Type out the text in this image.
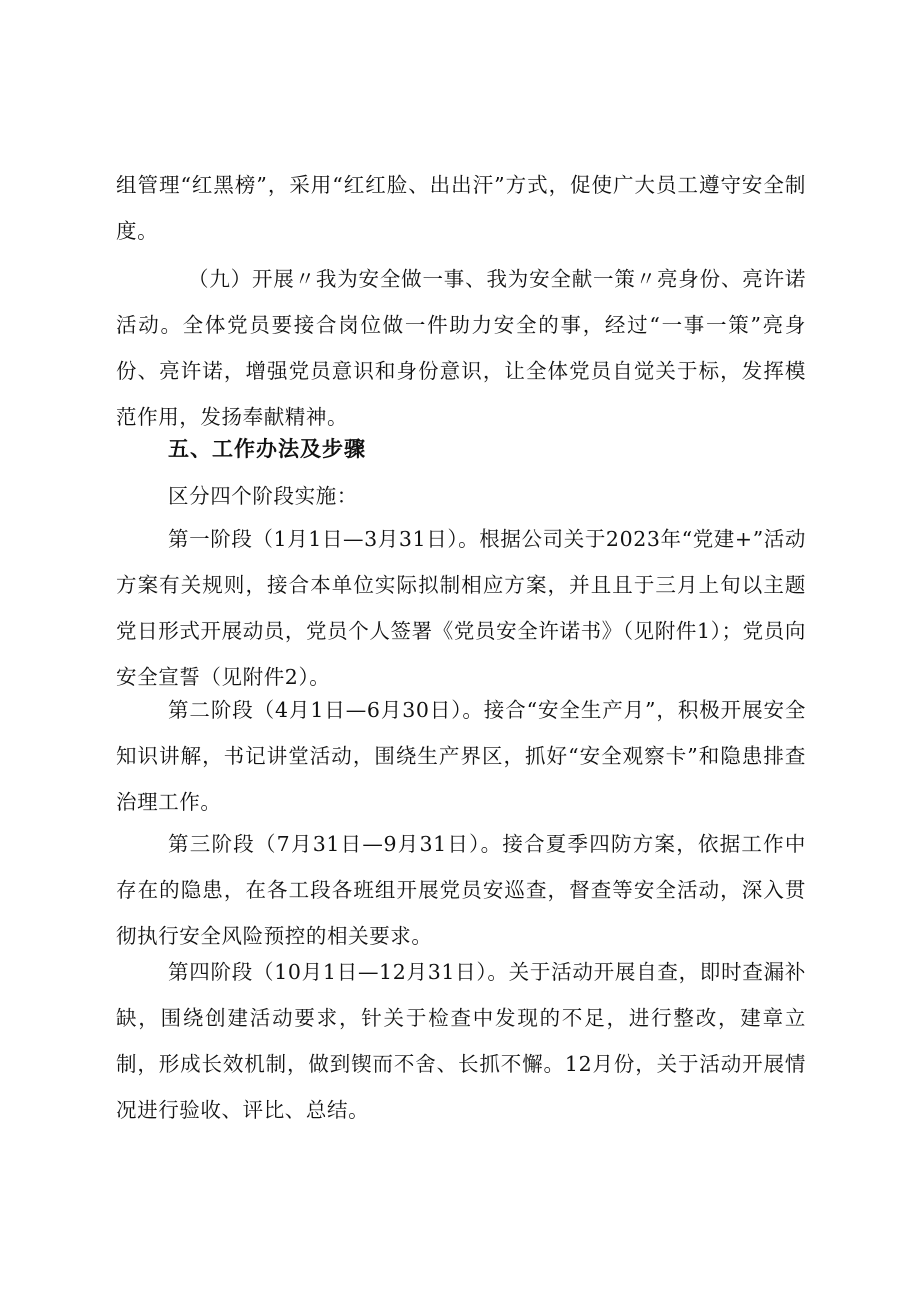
组管理“红黑榜”，采用“红红脸、出出汗”方式，促使广大员工遵守安全制度。

（九）开展〃我为安全做一事、我为安全献一策〃亮身份、亮许诺活动。全体党员要接合岗位做一件助力安全的事，经过“一事一策”亮身份、亮许诺，增强党员意识和身份意识，让全体党员自觉关于标，发挥模范作用，发扬奉献精神。

五、工作办法及步骤

区分四个阶段实施：

第一阶段（1月1日—3月31日）。根据公司关于2023年“党建+”活动方案有关规则，接合本单位实际拟制相应方案，并且且于三月上旬以主题党日形式开展动员，党员个人签署《党员安全许诺书》（见附件1）；党员向安全宣誓（见附件2）。

第二阶段（4月1日—6月30日）。接合“安全生产月”，积极开展安全知识讲解，书记讲堂活动，围绕生产界区，抓好“安全观察卡”和隐患排查治理工作。

第三阶段（7月31日—9月31日）。接合夏季四防方案，依据工作中存在的隐患，在各工段各班组开展党员安巡查，督查等安全活动，深入贯彻执行安全风险预控的相关要求。

第四阶段（10月1日—12月31日）。关于活动开展自查，即时查漏补缺，围绕创建活动要求，针关于检查中发现的不足，进行整改，建章立制，形成长效机制，做到锲而不舍、长抓不懈。12月份，关于活动开展情况进行验收、评比、总结。
